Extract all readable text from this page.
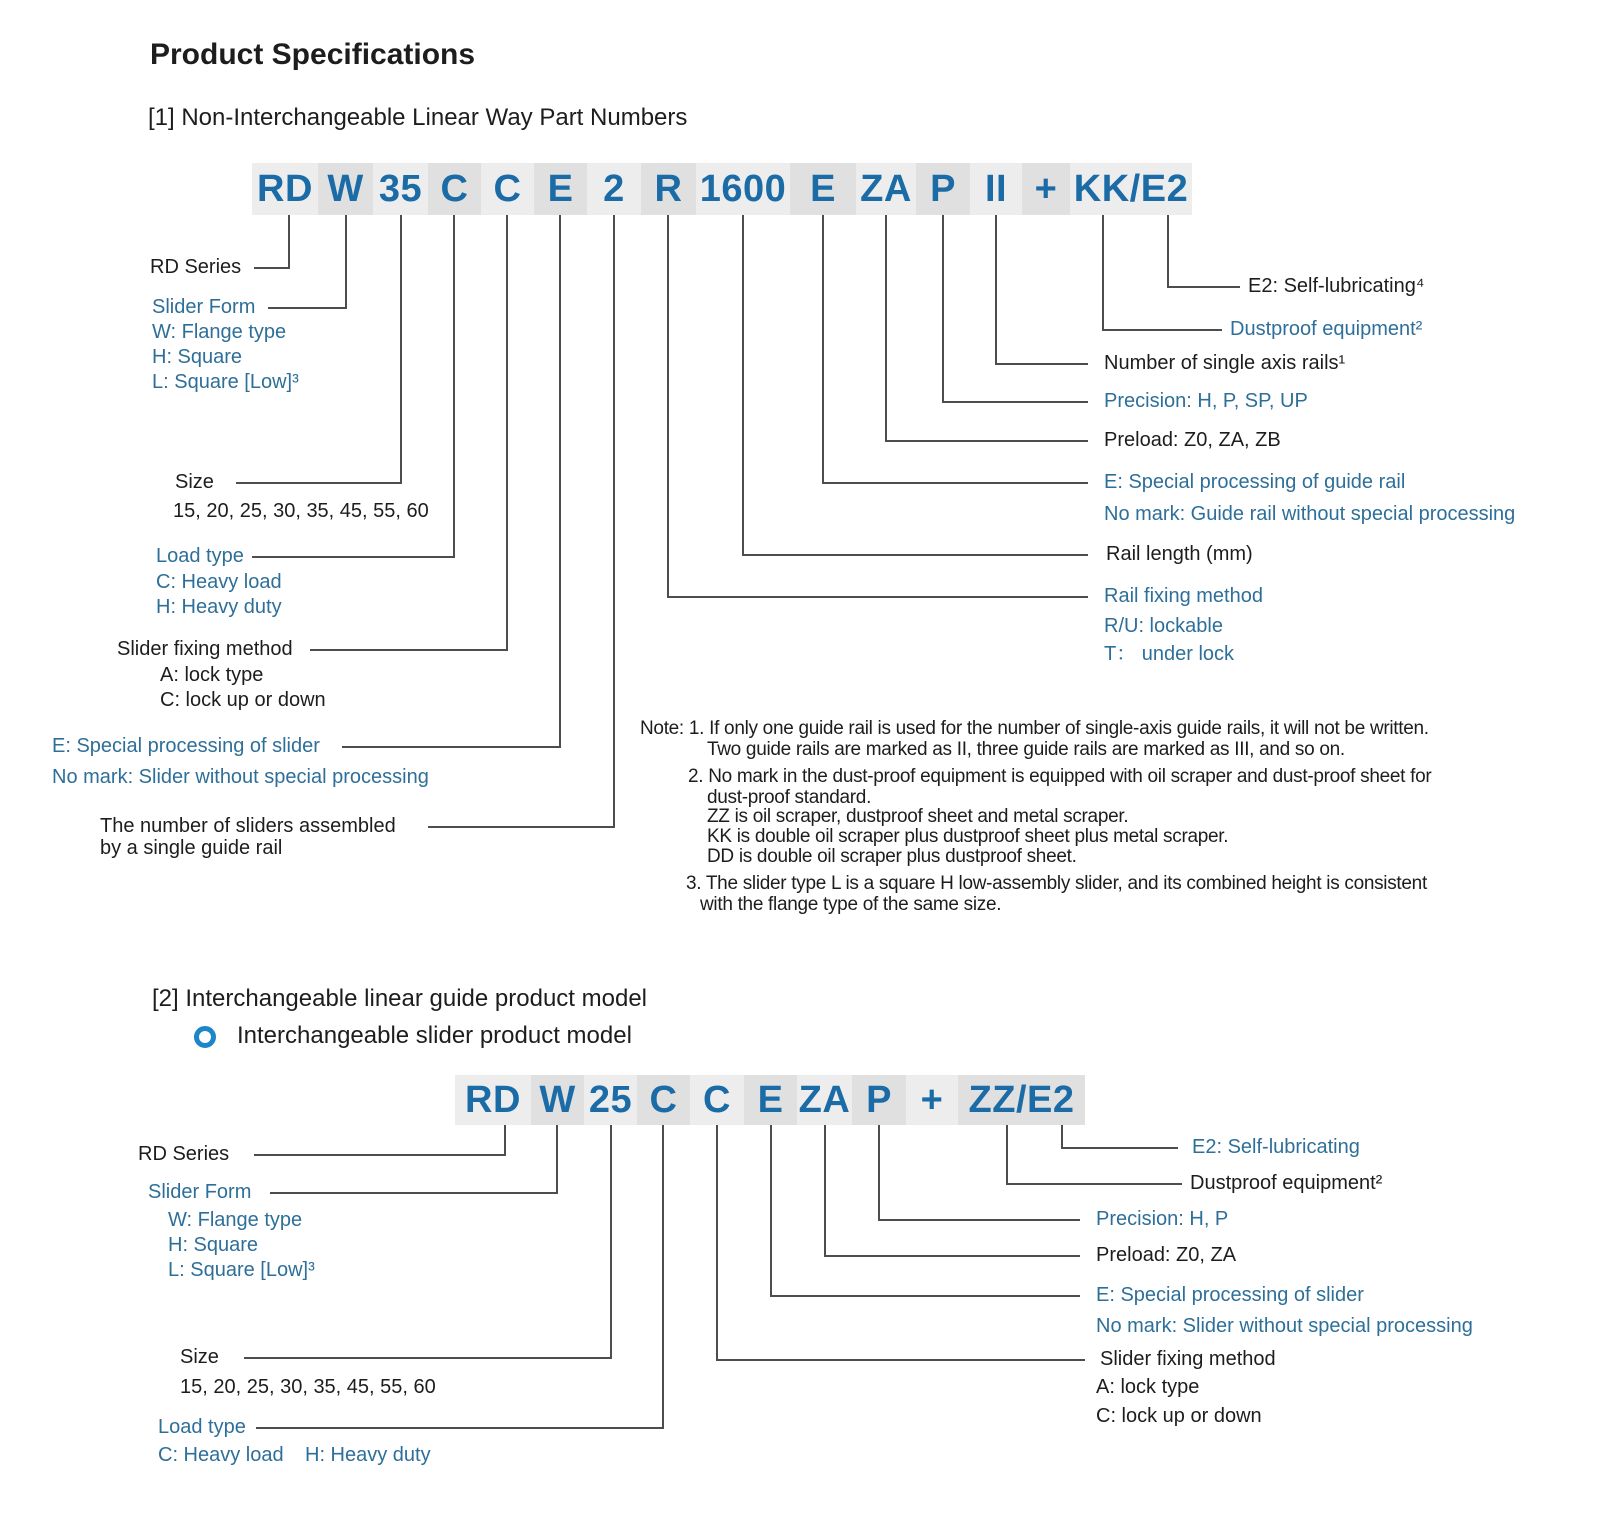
Product Specifications
[1] Non-Interchangeable Linear Way Part Numbers
RD W 35 C C E 2 R 1600 E ZA P II + KK/E2
RD Series
Slider Form
W: Flange type
H: Square
L: Square [Low]³
Size
15, 20, 25, 30, 35, 45, 55, 60
Load type
C: Heavy load
H: Heavy duty
Slider fixing method
A: lock type
C: lock up or down
E: Special processing of slider
No mark: Slider without special processing
The number of sliders assembled
by a single guide rail
E2: Self-lubricating⁴
Dustproof equipment²
Number of single axis rails¹
Precision: H, P, SP, UP
Preload: Z0, ZA, ZB
E: Special processing of guide rail
No mark: Guide rail without special processing
Rail length (mm)
Rail fixing method
R/U: lockable
T： under lock
Note: 1. If only one guide rail is used for the number of single-axis guide rails, it will not be written.
Two guide rails are marked as II, three guide rails are marked as III, and so on.
2. No mark in the dust-proof equipment is equipped with oil scraper and dust-proof sheet for
dust-proof standard.
ZZ is oil scraper, dustproof sheet and metal scraper.
KK is double oil scraper plus dustproof sheet plus metal scraper.
DD is double oil scraper plus dustproof sheet.
3. The slider type L is a square H low-assembly slider, and its combined height is consistent
with the flange type of the same size.
[2] Interchangeable linear guide product model
Interchangeable slider product model
RD W 25 C C E ZA P + ZZ/E2
RD Series
Slider Form
W: Flange type
H: Square
L: Square [Low]³
Size
15, 20, 25, 30, 35, 45, 55, 60
Load type
C: Heavy load H: Heavy duty
E2: Self-lubricating
Dustproof equipment²
Precision: H, P
Preload: Z0, ZA
E: Special processing of slider
No mark: Slider without special processing
Slider fixing method
A: lock type
C: lock up or down
